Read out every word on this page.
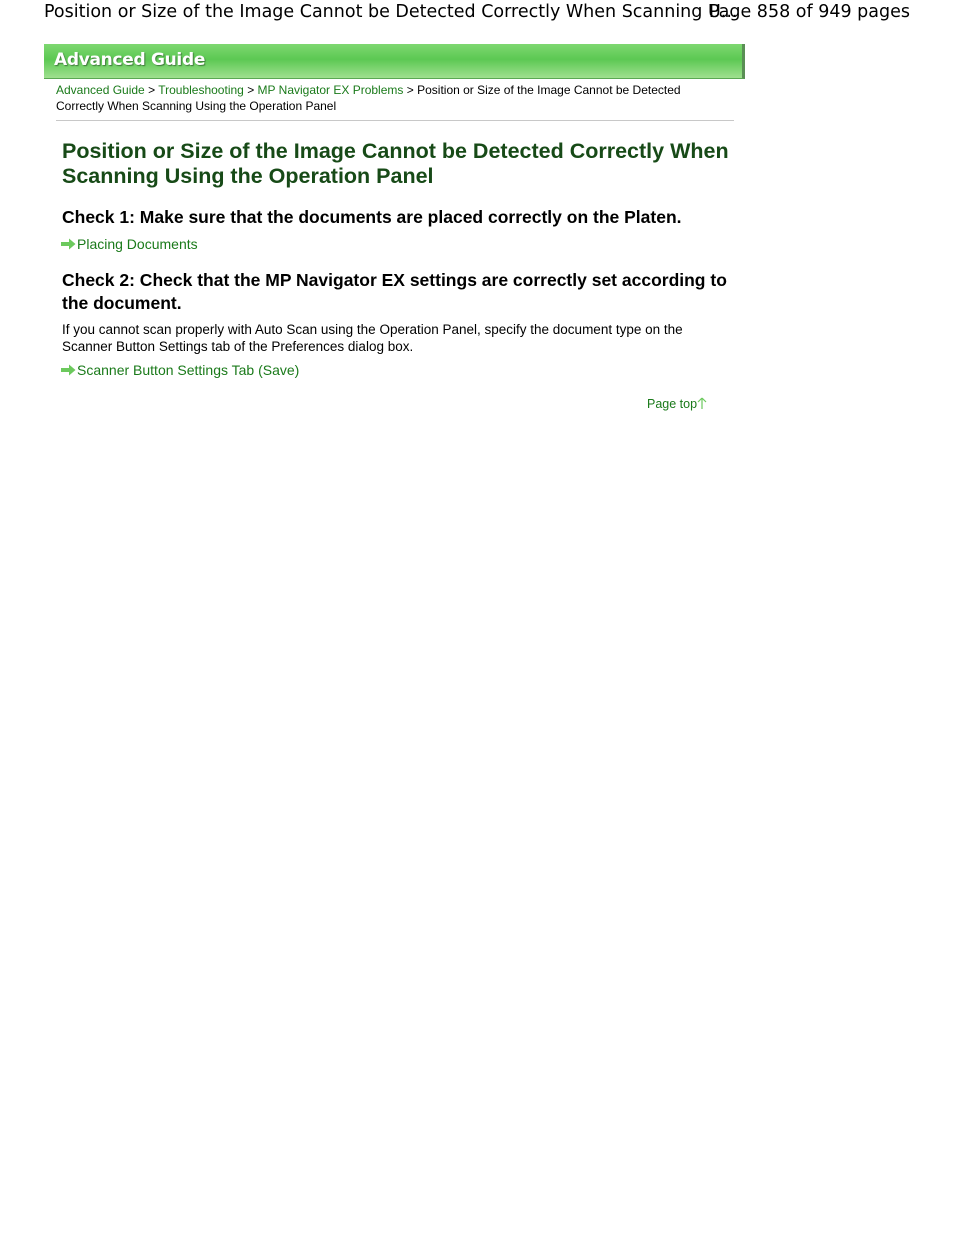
Position or Size of the Image Cannot be Detected Correctly When Scanning U...
Page 858 of 949 pages
Advanced Guide
Advanced Guide > Troubleshooting > MP Navigator EX Problems > Position or Size of the Image Cannot be Detected Correctly When Scanning Using the Operation Panel
Position or Size of the Image Cannot be Detected Correctly When Scanning Using the Operation Panel
Check 1: Make sure that the documents are placed correctly on the Platen.
Placing Documents
Check 2: Check that the MP Navigator EX settings are correctly set according to the document.

If you cannot scan properly with Auto Scan using the Operation Panel, specify the document type on the Scanner Button Settings tab of the Preferences dialog box.

Scanner Button Settings Tab (Save)
Page top
